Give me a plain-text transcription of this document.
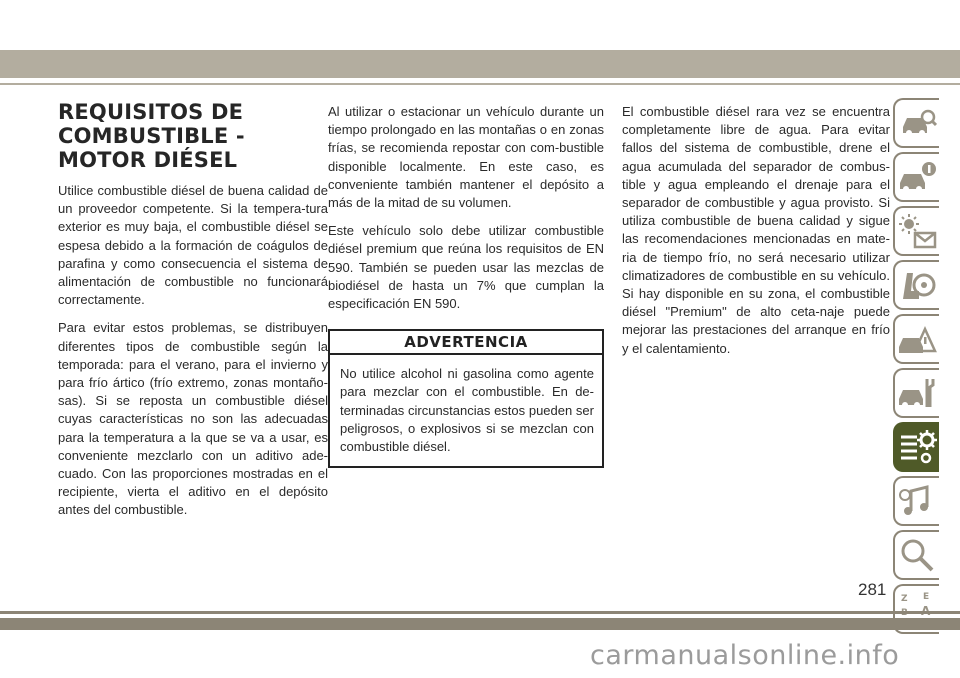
REQUISITOS DE COMBUSTIBLE - MOTOR DIÉSEL

Utilice combustible diésel de buena calidad de un proveedor competente. Si la tempera-tura exterior es muy baja, el combustible diésel se espesa debido a la formación de coágulos de parafina y como consecuencia el sistema de alimentación de combustible no funcionará correctamente.

Para evitar estos problemas, se distribuyen diferentes tipos de combustible según la temporada: para el verano, para el invierno y para frío ártico (frío extremo, zonas montaño-sas). Si se reposta un combustible diésel cuyas características no son las adecuadas para la temperatura a la que se va a usar, es conveniente mezclarlo con un aditivo ade-cuado. Con las proporciones mostradas en el recipiente, vierta el aditivo en el depósito antes del combustible.

Al utilizar o estacionar un vehículo durante un tiempo prolongado en las montañas o en zonas frías, se recomienda repostar con com-bustible disponible localmente. En este caso, es conveniente también mantener el depósito a más de la mitad de su volumen.

Este vehículo solo debe utilizar combustible diésel premium que reúna los requisitos de EN 590. También se pueden usar las mezclas de biodiésel de hasta un 7% que cumplan la especificación EN 590.

ADVERTENCIA
No utilice alcohol ni gasolina como agente para mezclar con el combustible. En de-terminadas circunstancias estos pueden ser peligrosos, o explosivos si se mezclan con combustible diésel.

El combustible diésel rara vez se encuentra completamente libre de agua. Para evitar fallos del sistema de combustible, drene el agua acumulada del separador de combus-tible y agua empleando el drenaje para el separador de combustible y agua provisto. Si utiliza combustible de buena calidad y sigue las recomendaciones mencionadas en mate-ria de tiempo frío, no será necesario utilizar climatizadores de combustible en su vehículo. Si hay disponible en su zona, el combustible diésel "Premium" de alto ceta-naje puede mejorar las prestaciones del arranque en frío y el calentamiento.

Z E
281
carmanualsonline.info
